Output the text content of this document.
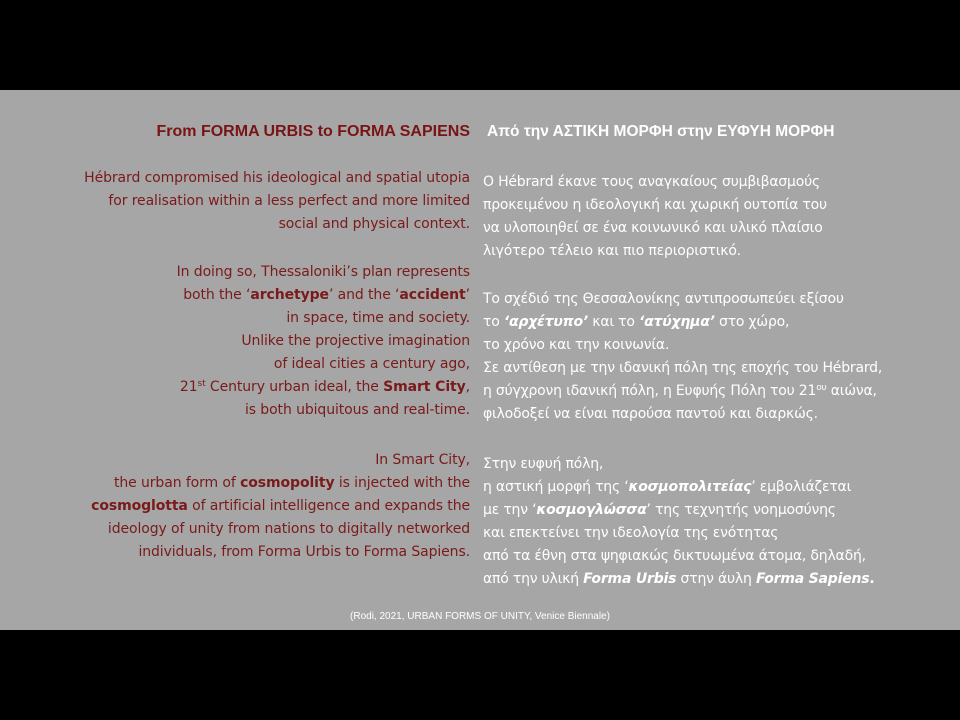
From FORMA URBIS to FORMA SAPIENS
Hébrard compromised his ideological and spatial utopia
for realisation within a less perfect and more limited
social and physical context.
In doing so, Thessaloniki’s plan represents
both the ‘archetype’ and the ‘accident’
in space, time and society.
Unlike the projective imagination
of ideal cities a century ago,
21st Century urban ideal, the Smart City,
is both ubiquitous and real-time.
In Smart City,
the urban form of cosmopolity is injected with the
cosmoglotta of artificial intelligence and expands the
ideology of unity from nations to digitally networked
individuals, from Forma Urbis to Forma Sapiens.
Από την ΑΣΤΙΚΗ ΜΟΡΦΗ στην ΕΥΦΥΗ ΜΟΡΦΗ
Ο Hébrard έκανε τους αναγκαίους συμβιβασμούς
προκειμένου η ιδεολογική και χωρική ουτοπία του
να υλοποιηθεί σε ένα κοινωνικό και υλικό πλαίσιο
λιγότερο τέλειο και πιο περιοριστικό.
Το σχέδιό της Θεσσαλονίκης αντιπροσωπεύει εξίσου
το ‘αρχέτυπο’ και το ‘ατύχημα’ στο χώρο,
το χρόνο και την κοινωνία.
Σε αντίθεση με την ιδανική πόλη της εποχής του Hébrard,
η σύγχρονη ιδανική πόλη, η Ευφυής Πόλη του $21^{o\upsilon}$ αιώνα,
φιλοδοξεί να είναι παρούσα παντού και διαρκώς.
Στην ευφυή πόλη,
η αστική μορφή της ‘κοσμοπολιτείας’ εμβολιάζεται
με την ‘κοσμογλώσσα’ της τεχνητής νοημοσύνης
και επεκτείνει την ιδεολογία της ενότητας
από τα έθνη στα ψηφιακώς δικτυωμένα άτομα, δηλαδή,
από την υλική Forma Urbis στην άυλη Forma Sapiens.
(Rodi, 2021, URBAN FORMS OF UNITY, Venice Biennale)
